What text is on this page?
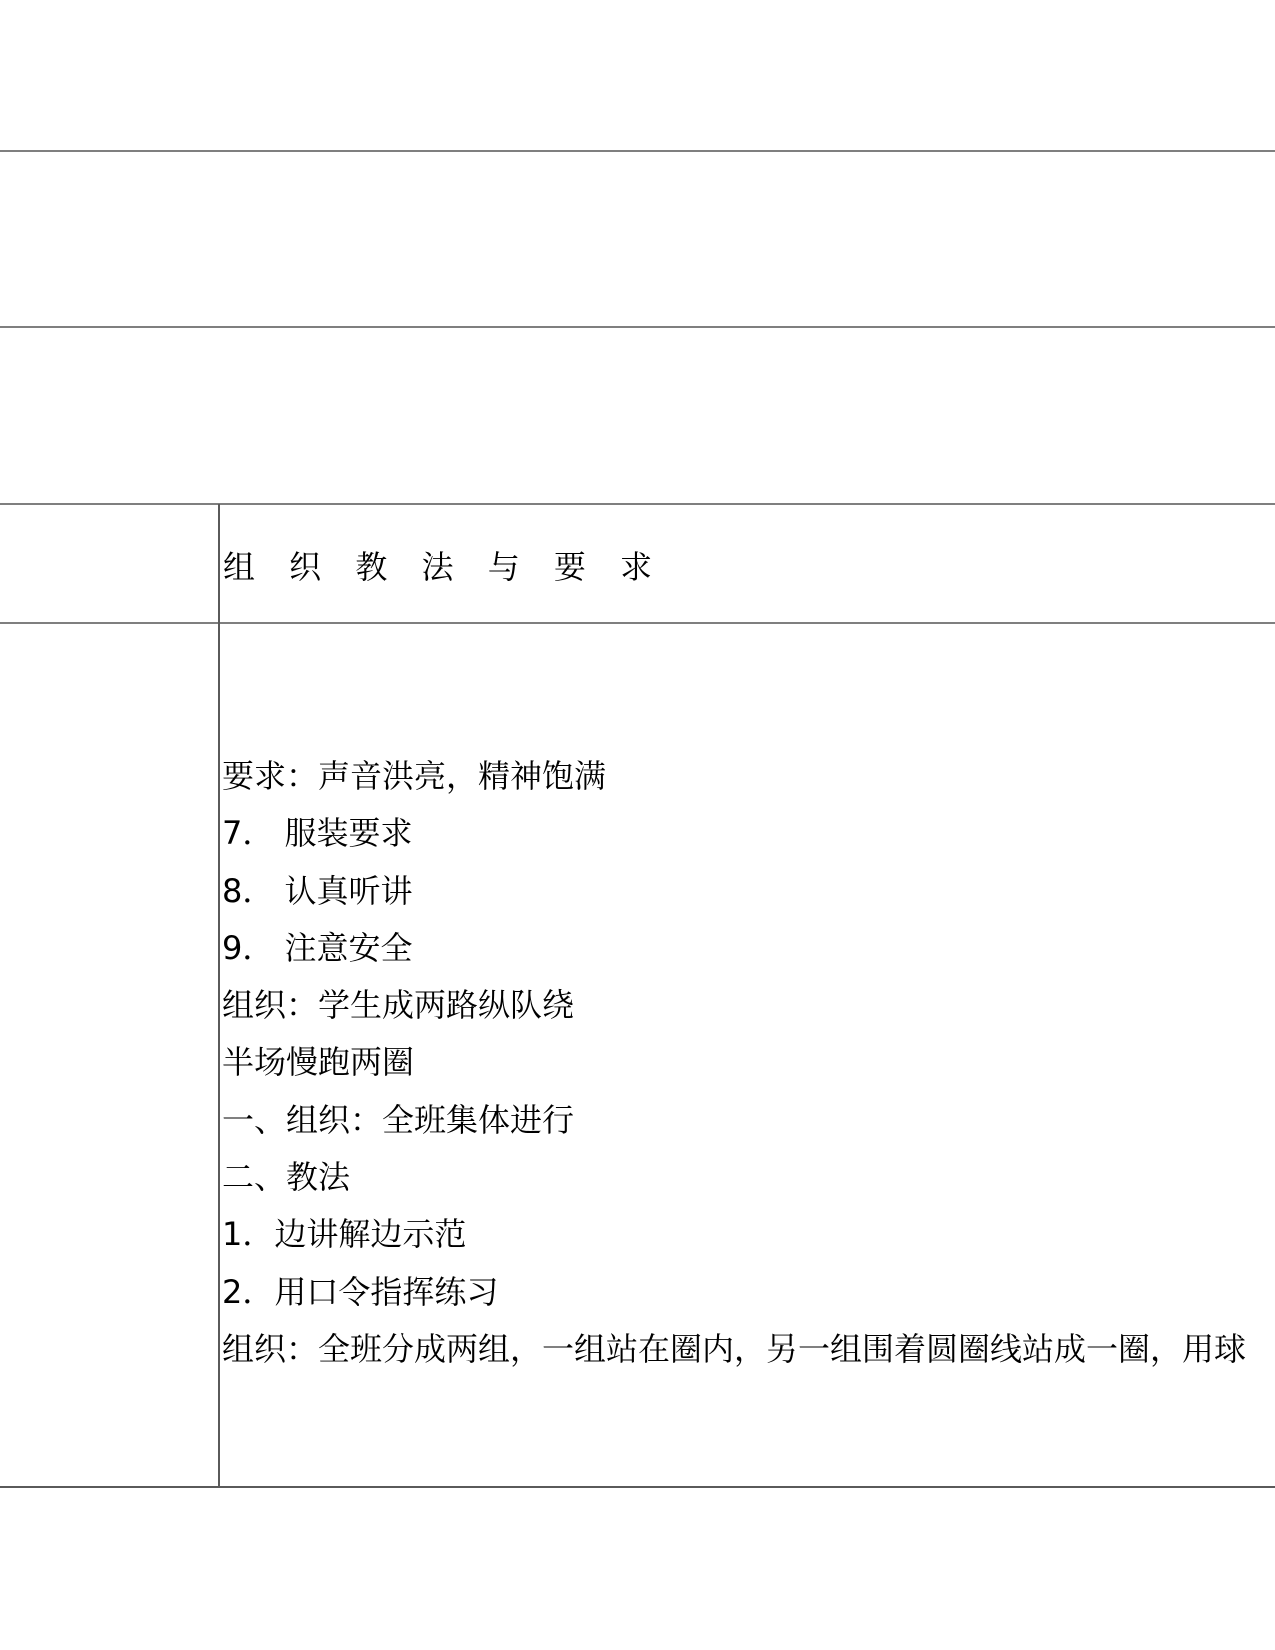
组 织 教 法 与 要 求
要求：声音洪亮，精神饱满
7． 服装要求
8． 认真听讲
9． 注意安全
组织：学生成两路纵队绕
半场慢跑两圈
一、组织：全班集体进行
二、教法
1．边讲解边示范
2．用口令指挥练习
组织：全班分成两组，一组站在圈内，另一组围着圆圈线站成一圈，用球
